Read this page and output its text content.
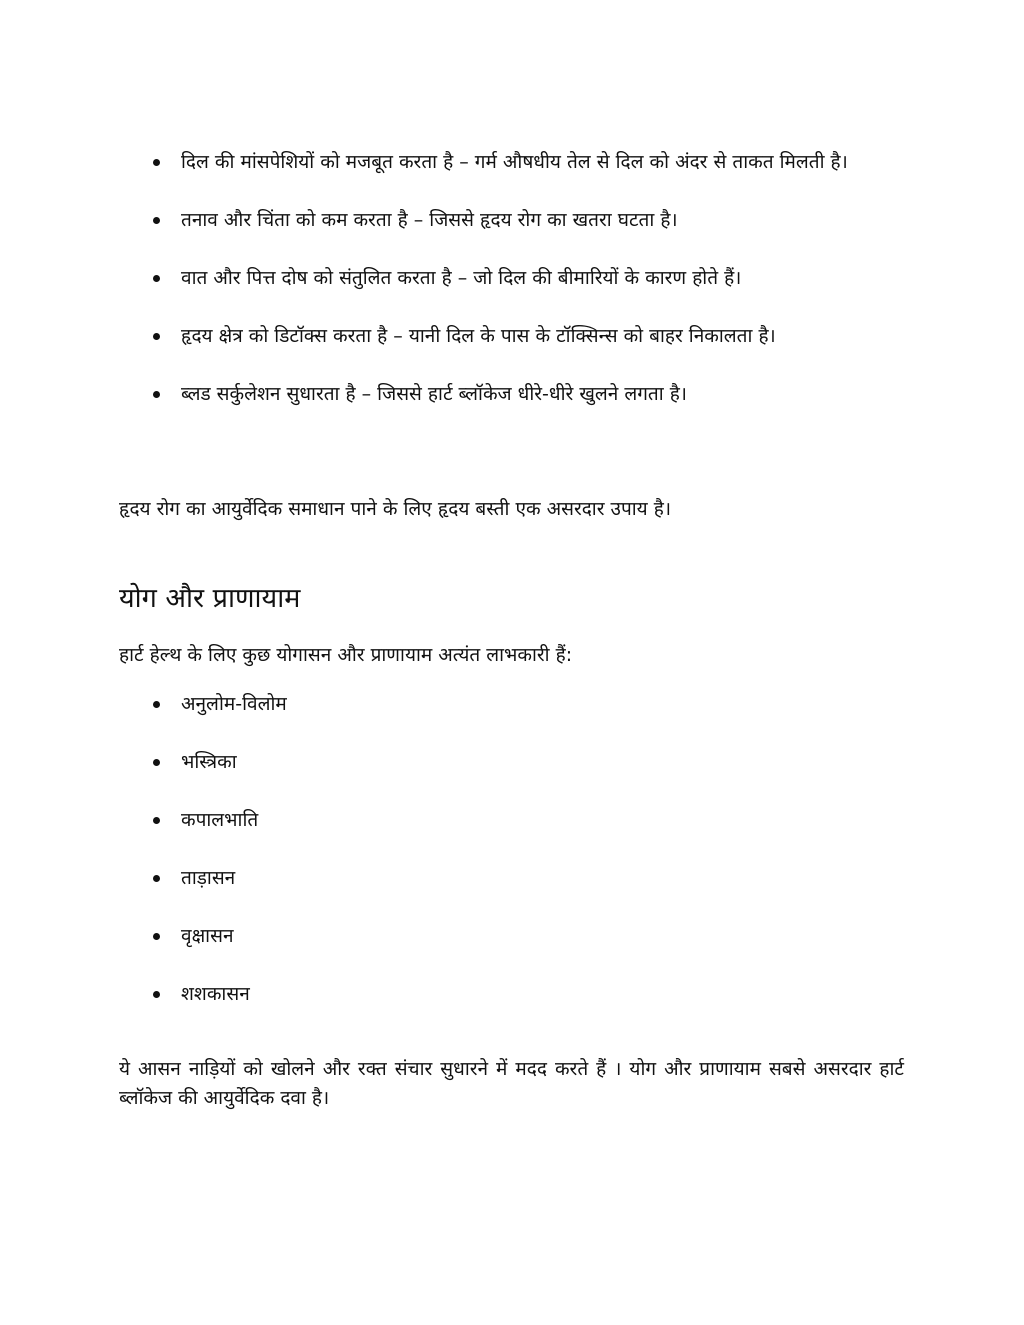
दिल की मांसपेशियों को मजबूत करता है – गर्म औषधीय तेल से दिल को अंदर से ताकत मिलती है।
तनाव और चिंता को कम करता है – जिससे हृदय रोग का खतरा घटता है।
वात और पित्त दोष को संतुलित करता है – जो दिल की बीमारियों के कारण होते हैं।
हृदय क्षेत्र को डिटॉक्स करता है – यानी दिल के पास के टॉक्सिन्स को बाहर निकालता है।
ब्लड सर्कुलेशन सुधारता है – जिससे हार्ट ब्लॉकेज धीरे-धीरे खुलने लगता है।

हृदय रोग का आयुर्वेदिक समाधान पाने के लिए हृदय बस्ती एक असरदार उपाय है।

योग और प्राणायाम

हार्ट हेल्थ के लिए कुछ योगासन और प्राणायाम अत्यंत लाभकारी हैं:

अनुलोम-विलोम
भस्त्रिका
कपालभाति
ताड़ासन
वृक्षासन
शशकासन

ये आसन नाड़ियों को खोलने और रक्त संचार सुधारने में मदद करते हैं । योग और प्राणायाम सबसे असरदार हार्ट ब्लॉकेज की आयुर्वेदिक दवा है।
